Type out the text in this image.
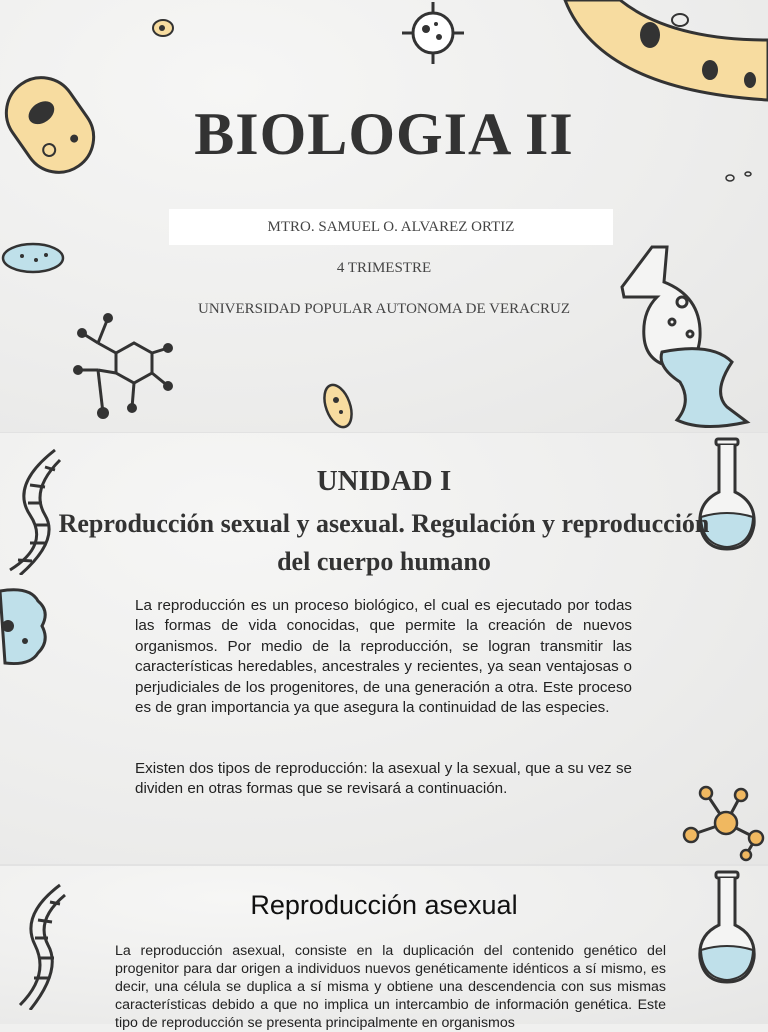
BIOLOGIA II
MTRO. SAMUEL O. ALVAREZ ORTIZ
4 TRIMESTRE
UNIVERSIDAD POPULAR AUTONOMA DE VERACRUZ
UNIDAD I
Reproducción sexual y asexual. Regulación y reproducción del cuerpo humano
La reproducción es un proceso biológico, el cual es ejecutado por todas las formas de vida conocidas, que permite la creación de nuevos organismos. Por medio de la reproducción, se logran transmitir las características heredables, ancestrales y recientes, ya sean ventajosas o perjudiciales de los progenitores, de una generación a otra. Este proceso es de gran importancia ya que asegura la continuidad de las especies.
Existen dos tipos de reproducción: la asexual y la sexual, que a su vez se dividen en otras formas que se revisará a continuación.
Reproducción asexual
La reproducción asexual, consiste en la duplicación del contenido genético del progenitor para dar origen a individuos nuevos genéticamente idénticos a sí mismo, es decir, una célula se duplica a sí misma y obtiene una descendencia con sus mismas características debido a que no implica un intercambio de información genética. Este tipo de reproducción se presenta principalmente en organismos
